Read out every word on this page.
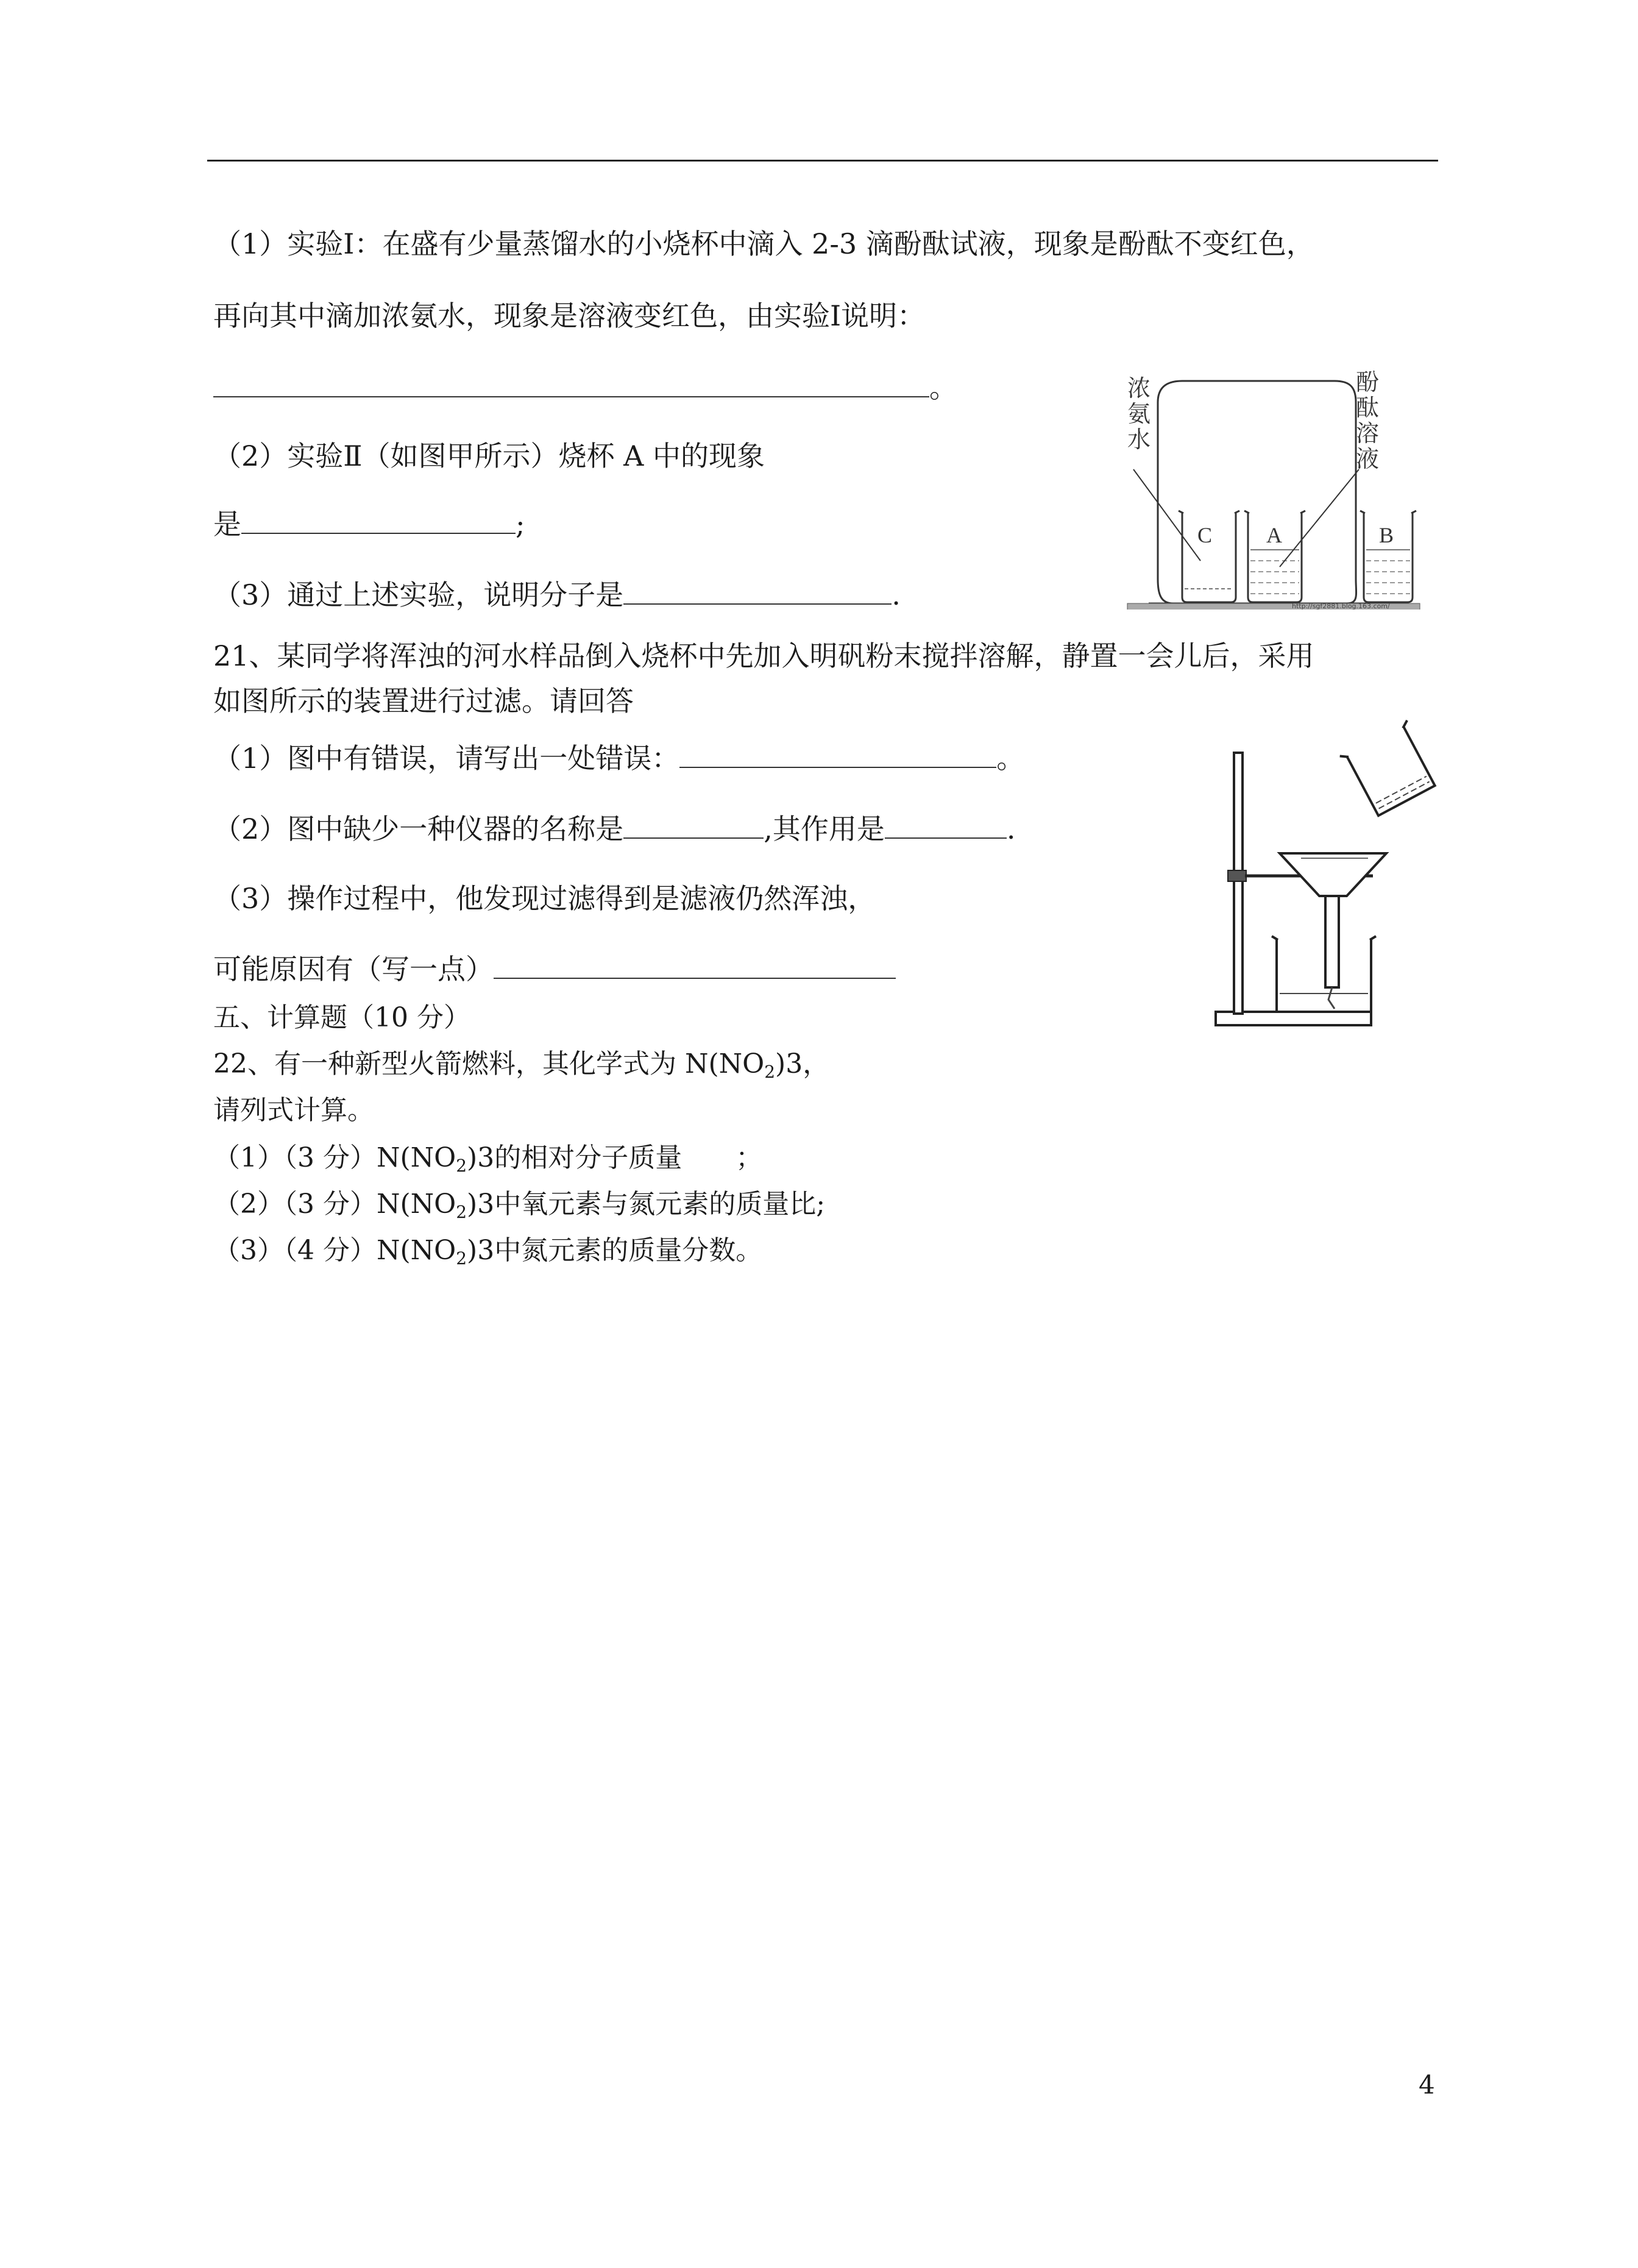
（1）实验Ⅰ：在盛有少量蒸馏水的小烧杯中滴入 2-3 滴酚酞试液，现象是酚酞不变红色，
再向其中滴加浓氨水，现象是溶液变红色，由实验Ⅰ说明：
。
（2）实验Ⅱ（如图甲所示）烧杯 A 中的现象
是	;
（3）通过上述实验，说明分子是	.
C A	B
浓
氨
水
酚
酞
溶
液
http://sgf2881.blog.163.com/
21、某同学将浑浊的河水样品倒入烧杯中先加入明矾粉末搅拌溶解，静置一会儿后，采用
如图所示的装置进行过滤。请回答
（1）图中有错误，请写出一处错误：	。
（2）图中缺少一种仪器的名称是	,其作用是	.
（3）操作过程中，他发现过滤得到是滤液仍然浑浊，
可能原因有（写一点）
五、计算题（10 分）
22、有一种新型火箭燃料，其化学式为 $N(NO_2)3$，
请列式计算。
（1）（3 分）$N(NO_2)3$的相对分子质量　　；
（2）（3 分）$N(NO_2)3$中氧元素与氮元素的质量比;
（3）（4 分）$N(NO_2)3$中氮元素的质量分数。
4
